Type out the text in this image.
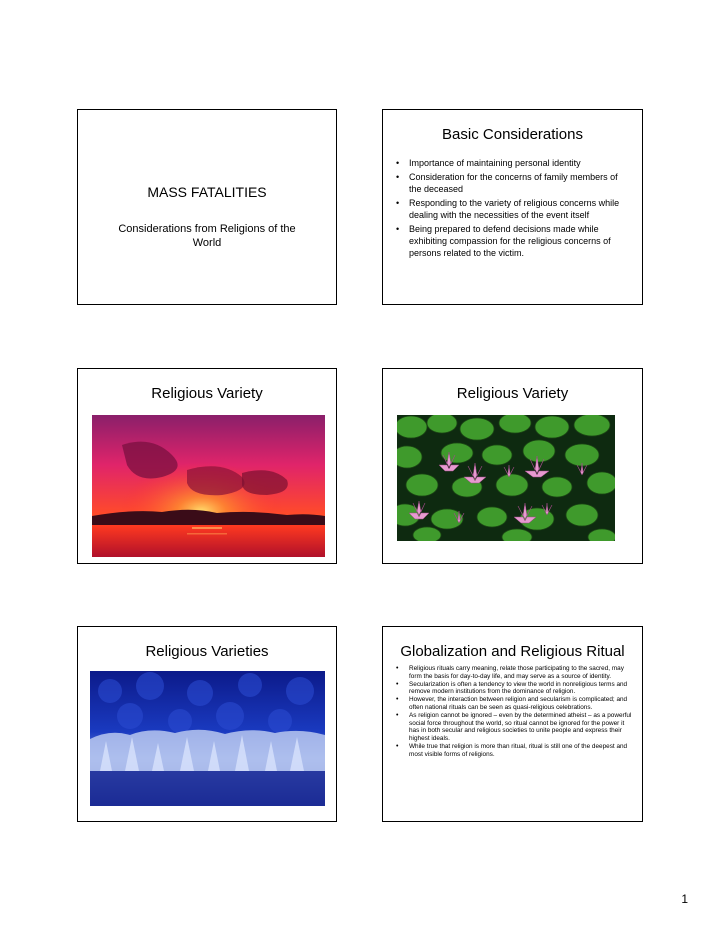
MASS FATALITIES
Considerations from Religions of the World
Basic Considerations
• Importance of maintaining personal identity
• Consideration for the concerns of family members of the deceased
• Responding to the variety of religious concerns while dealing with the necessities of the event itself
• Being prepared to defend decisions made while exhibiting compassion for the religious concerns of persons related to the victim.
Religious Variety	Religious Variety
Religious Varieties	Globalization and Religious Ritual
• Religious rituals carry meaning, relate those participating to the sacred, may form the basis for day-to-day life, and may serve as a source of identity.
• Secularization is often a tendency to view the world in nonreligious terms and remove modern institutions from the dominance of religion.
• However, the interaction between religion and secularism is complicated; and often national rituals can be seen as quasi-religious celebrations.
• As religion cannot be ignored – even by the determined atheist – as a powerful social force throughout the world, so ritual cannot be ignored for the power it has in both secular and religious societies to unite people and express their highest ideals.
• While true that religion is more than ritual, ritual is still one of the deepest and most visible forms of religions.
1
